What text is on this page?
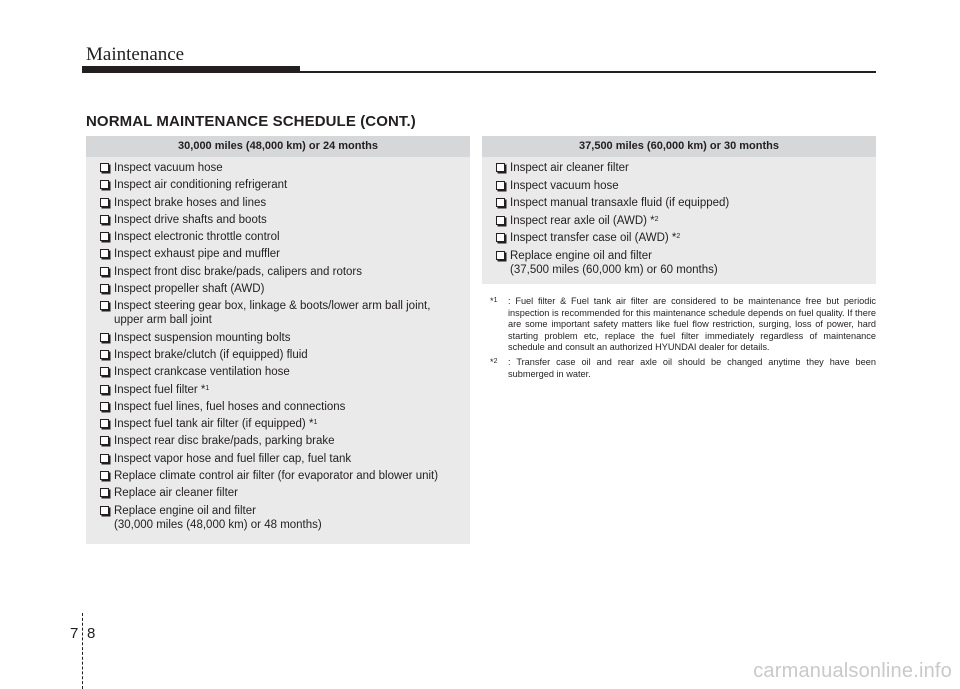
Maintenance
NORMAL MAINTENANCE SCHEDULE (CONT.)
30,000 miles (48,000 km) or 24 months
Inspect vacuum hose
Inspect air conditioning refrigerant
Inspect brake hoses and lines
Inspect drive shafts and boots
Inspect electronic throttle control
Inspect exhaust pipe and muffler
Inspect front disc brake/pads, calipers and rotors
Inspect propeller shaft (AWD)
Inspect steering gear box, linkage & boots/lower arm ball joint,
upper arm ball joint
Inspect suspension mounting bolts
Inspect brake/clutch (if equipped) fluid
Inspect crankcase ventilation hose
Inspect fuel filter *$^1$
Inspect fuel lines, fuel hoses and connections
Inspect fuel tank air filter (if equipped) *$^1$
Inspect rear disc brake/pads, parking brake
Inspect vapor hose and fuel filler cap, fuel tank
Replace climate control air filter (for evaporator and blower unit)
Replace air cleaner filter
Replace engine oil and filter
(30,000 miles (48,000 km) or 48 months)
37,500 miles (60,000 km) or 30 months
Inspect air cleaner filter
Inspect vacuum hose
Inspect manual transaxle fluid (if equipped)
Inspect rear axle oil (AWD) *$^2$
Inspect transfer case oil (AWD) *$^2$
Replace engine oil and filter
(37,500 miles (60,000 km) or 60 months)
*$^1$ : Fuel filter & Fuel tank air filter are considered to be maintenance free but periodic inspection is recommended for this maintenance schedule depends on fuel quality. If there are some important safety matters like fuel flow restriction, surging, loss of power, hard starting problem etc, replace the fuel filter immediately regardless of maintenance schedule and consult an authorized HYUNDAI dealer for details.
*$^2$ : Transfer case oil and rear axle oil should be changed anytime they have been submerged in water.
7 8
carmanualsonline.info
